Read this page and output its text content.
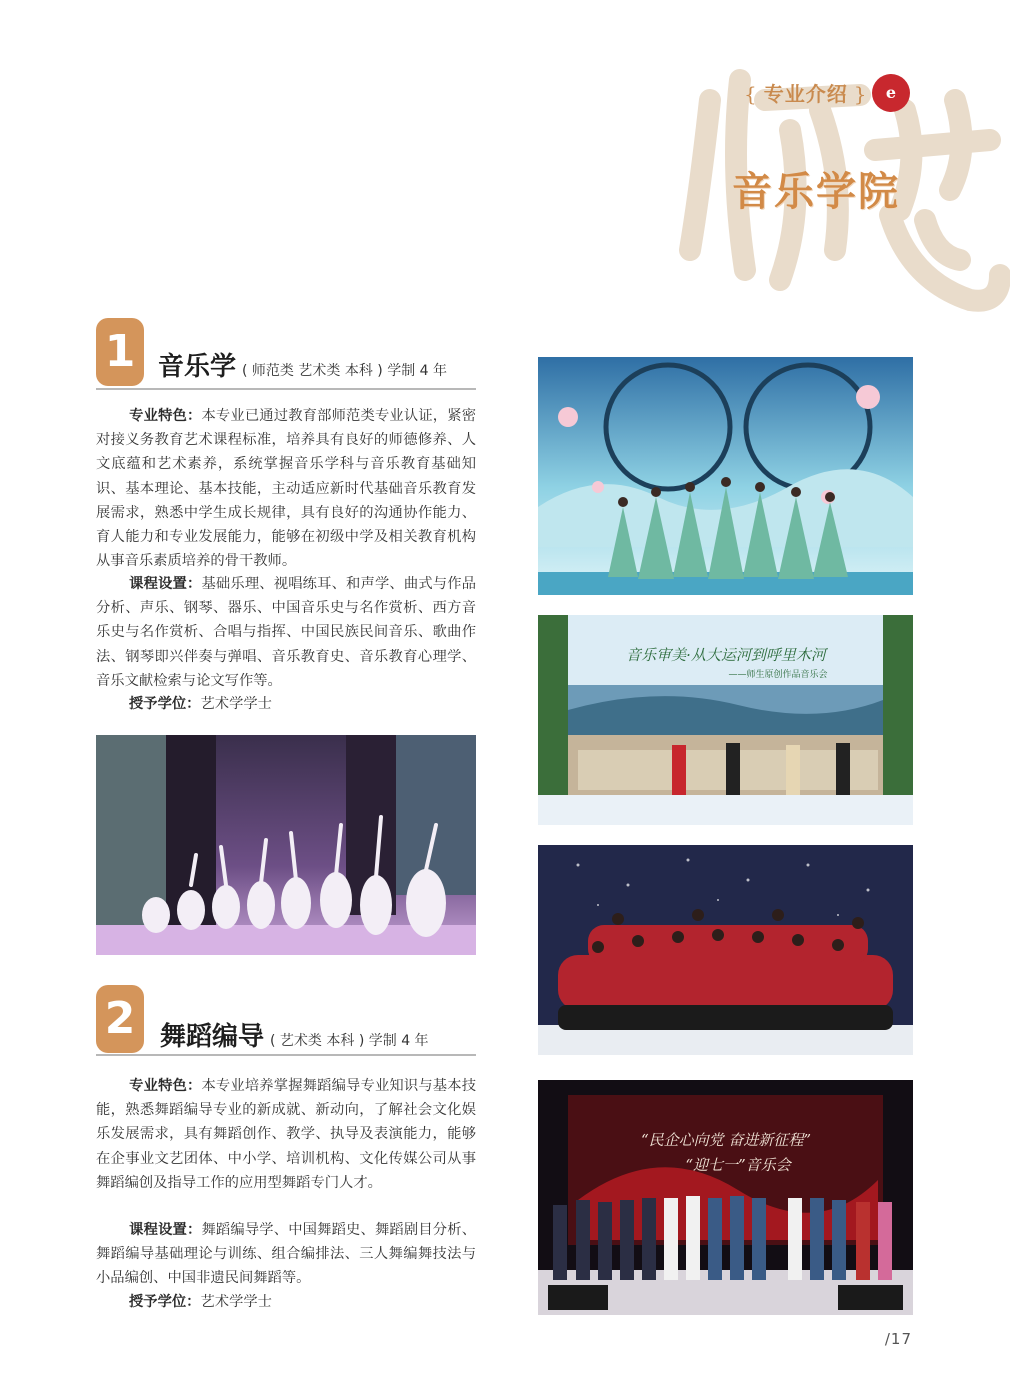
{ 专业介绍 }	e
音乐学院
1 音乐学 ( 师范类 艺术类 本科 ) 学制 4 年
专业特色：本专业已通过教育部师范类专业认证，紧密对接义务教育艺术课程标准，培养具有良好的师德修养、人文底蕴和艺术素养，系统掌握音乐学科与音乐教育基础知识、基本理论、基本技能，主动适应新时代基础音乐教育发展需求，熟悉中学生成长规律，具有良好的沟通协作能力、育人能力和专业发展能力，能够在初级中学及相关教育机构从事音乐素质培养的骨干教师。
课程设置：基础乐理、视唱练耳、和声学、曲式与作品分析、声乐、钢琴、器乐、中国音乐史与名作赏析、西方音乐史与名作赏析、合唱与指挥、中国民族民间音乐、歌曲作法、钢琴即兴伴奏与弹唱、音乐教育史、音乐教育心理学、音乐文献检索与论文写作等。
授予学位：艺术学学士
2 舞蹈编导 ( 艺术类 本科 ) 学制 4 年
专业特色：本专业培养掌握舞蹈编导专业知识与基本技能，熟悉舞蹈编导专业的新成就、新动向，了解社会文化娱乐发展需求，具有舞蹈创作、教学、执导及表演能力，能够在企事业文艺团体、中小学、培训机构、文化传媒公司从事舞蹈编创及指导工作的应用型舞蹈专门人才。
课程设置：舞蹈编导学、中国舞蹈史、舞蹈剧目分析、舞蹈编导基础理论与训练、组合编排法、三人舞编舞技法与小品编创、中国非遗民间舞蹈等。
授予学位：艺术学学士
音乐审美·从大运河到呼里木河
——师生原创作品音乐会
“民企心向党 奋进新征程”
“迎七一”音乐会
/17
